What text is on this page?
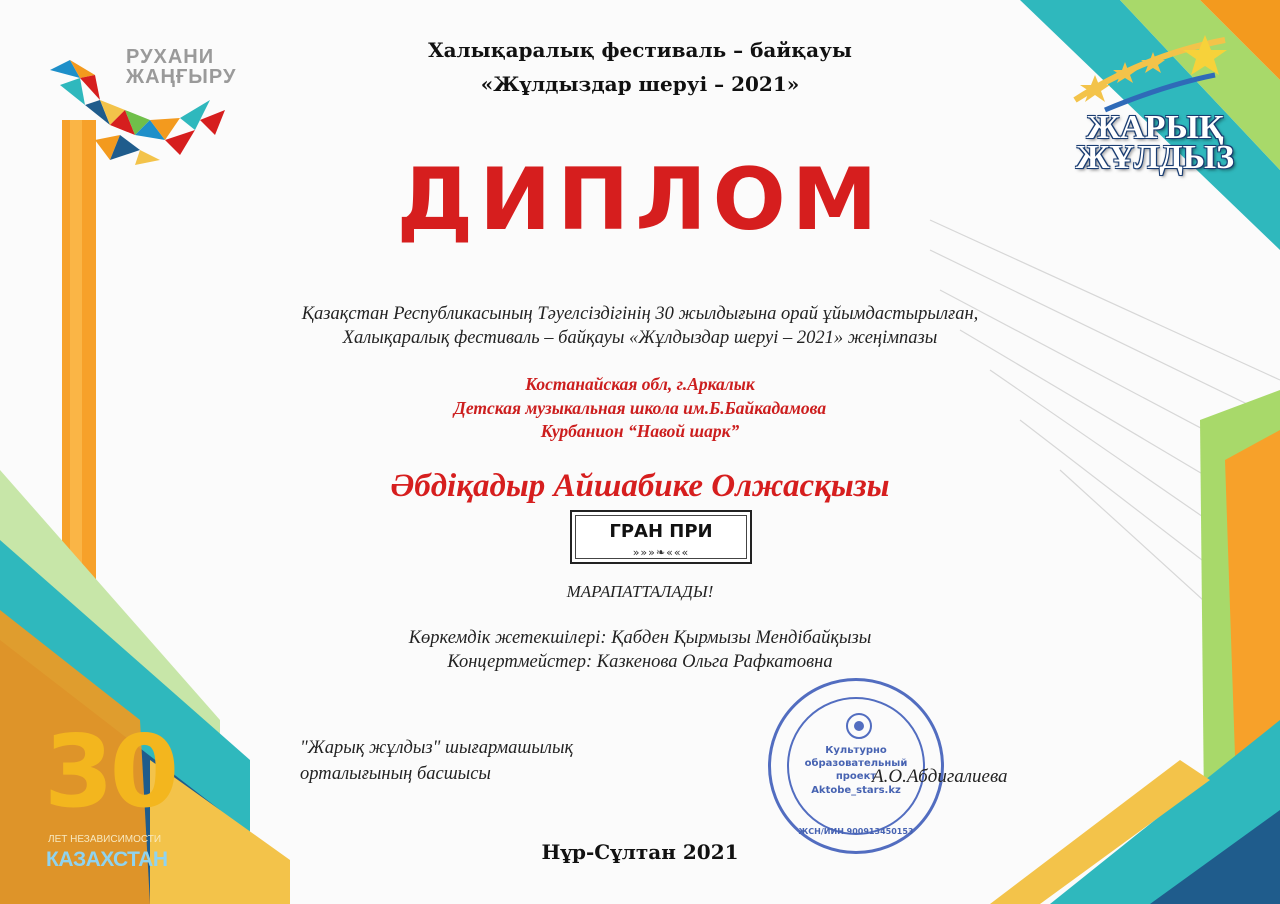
РУХАНИ
ЖАҢҒЫРУ
ЖАРЫҚ
ЖҰЛДЫЗ
Халықаралық фестиваль – байқауы
«Жұлдыздар шеруі – 2021»
ДИПЛОМ
Қазақстан Республикасының Тәуелсіздігінің 30 жылдығына орай ұйымдастырылған,
Халықаралық фестиваль – байқауы «Жұлдыздар шеруі – 2021» жеңімпазы
Костанайская обл, г.Аркалык
Детская музыкальная школа им.Б.Байкадамова
Курбанион “Навой шарк”
Әбдіқадыр Айшабике Олжасқызы
ГРАН ПРИ
»»»❧«««
МАРАПАТТАЛАДЫ!
Көркемдік жетекшілері: Қабден Қырмызы Мендібайқызы
Концертмейстер: Казкенова Ольга Рафкатовна
"Жарық жұлдыз" шығармашылық
орталығының басшысы
Культурно
образовательный
проект
Aktobe_stars.kz
ЖСН/ИИН 900913450153
А.О.Абдигалиева
30
ЛЕТ НЕЗАВИСИМОСТИ
КАЗАХСТАН	Нұр-Сұлтан 2021
